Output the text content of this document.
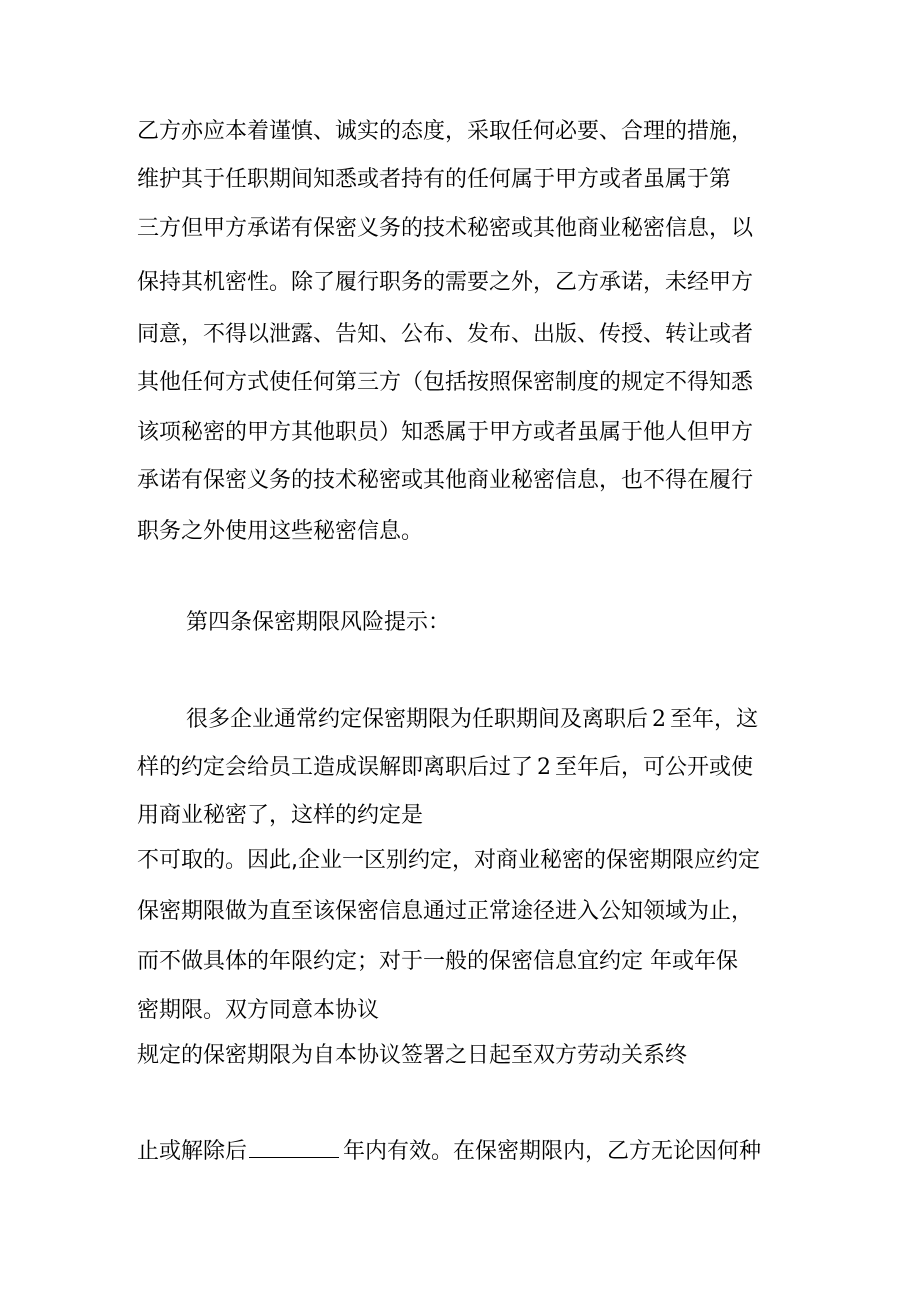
乙方亦应本着谨慎、诚实的态度，采取任何必要、合理的措施，
维护其于任职期间知悉或者持有的任何属于甲方或者虽属于第
三方但甲方承诺有保密义务的技术秘密或其他商业秘密信息，以
保持其机密性。除了履行职务的需要之外，乙方承诺，未经甲方
同意，不得以泄露、告知、公布、发布、出版、传授、转让或者
其他任何方式使任何第三方（包括按照保密制度的规定不得知悉
该项秘密的甲方其他职员）知悉属于甲方或者虽属于他人但甲方
承诺有保密义务的技术秘密或其他商业秘密信息，也不得在履行
职务之外使用这些秘密信息。
第四条保密期限风险提示：
很多企业通常约定保密期限为任职期间及离职后 2 至年，这
样的约定会给员工造成误解即离职后过了 2 至年后，可公开或使
用商业秘密了，这样的约定是
不可取的。因此,企业一区别约定，对商业秘密的保密期限应约定
保密期限做为直至该保密信息通过正常途径进入公知领域为止，
而不做具体的年限约定；对于一般的保密信息宜约定 年或年保
密期限。双方同意本协议
规定的保密期限为自本协议签署之日起至双方劳动关系终
止或解除后	年内有效。在保密期限内，乙方无论因何种
